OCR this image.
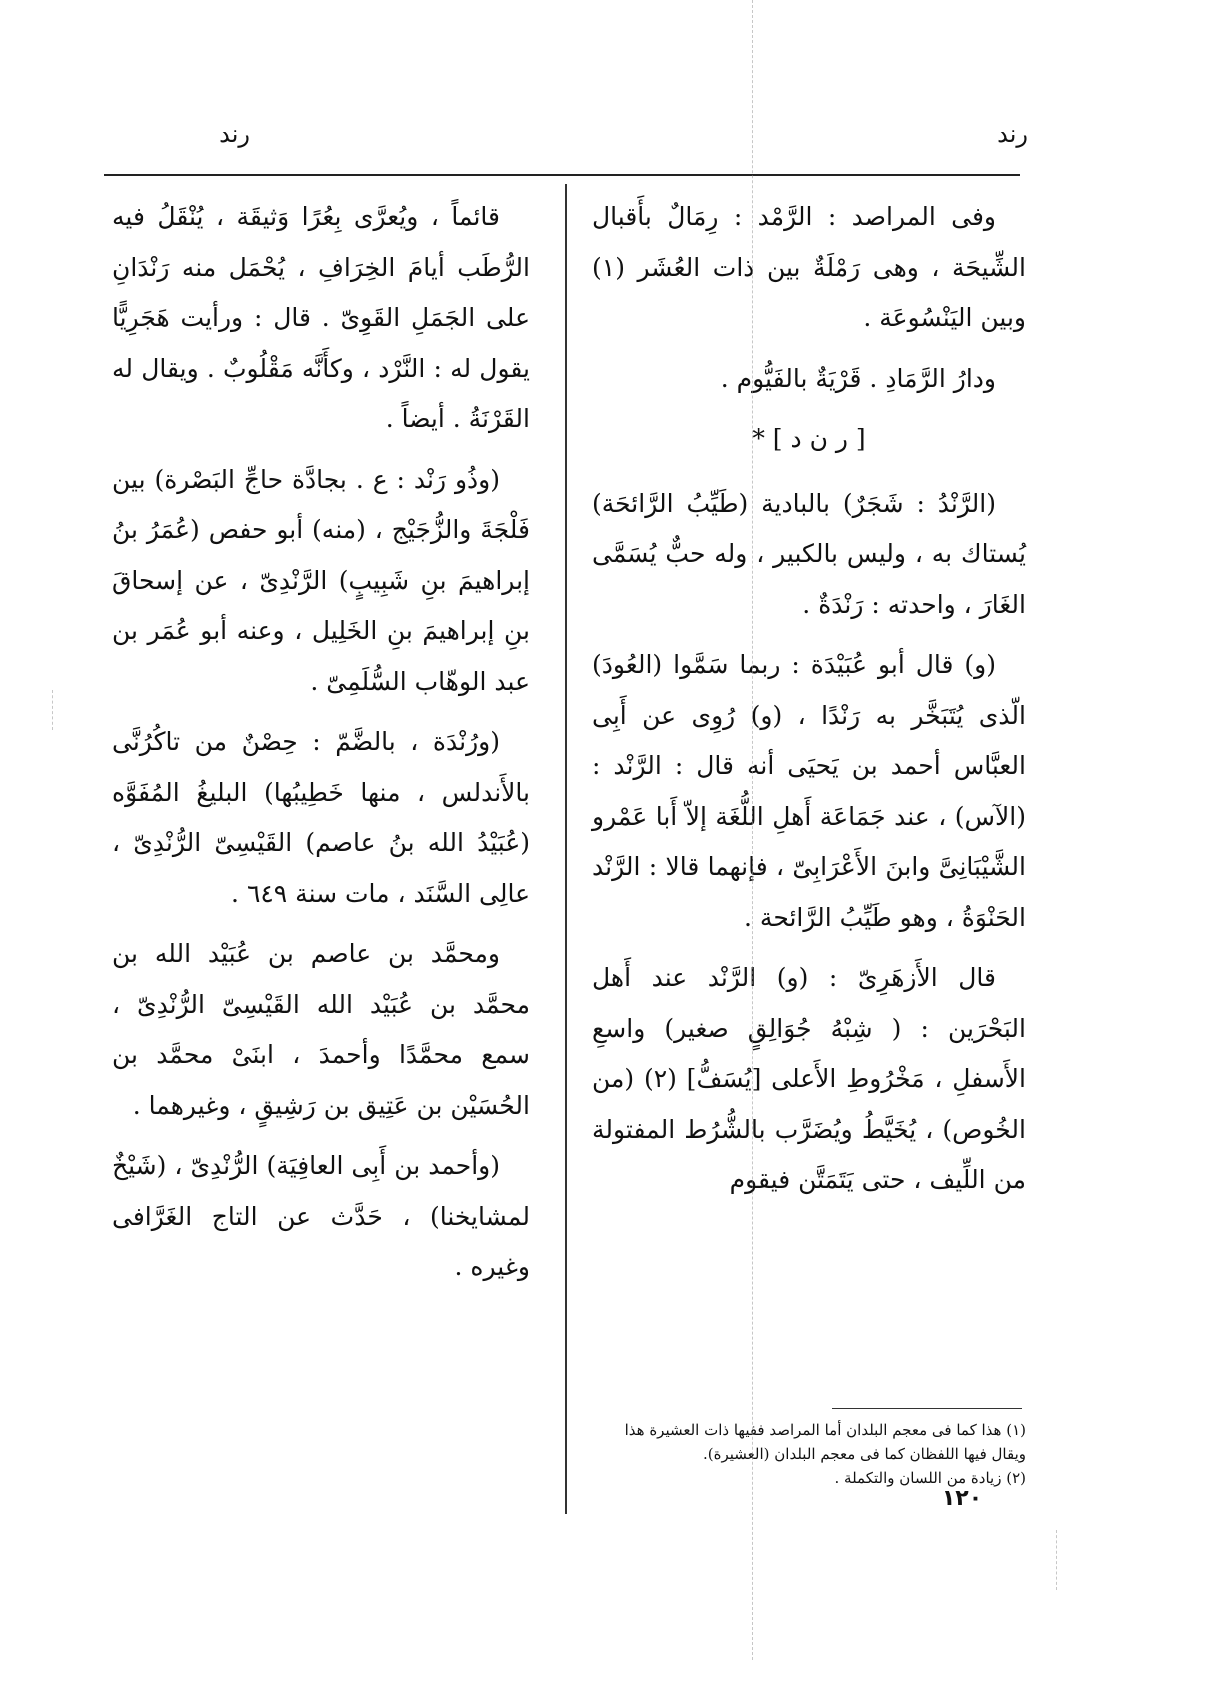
رند
رند

وفى المراصد : الرَّمْد : رِمَالٌ بأَقبال الشِّيحَة ، وهى رَمْلَةٌ بين ذات العُشَر (١) وبين اليَنْسُوعَة .

ودارُ الرَّمَادِ . قَرْيَةٌ بالفَيُّوم .

[ ر ن د ] *

(الرَّنْدُ : شَجَرٌ) بالبادية (طَيِّبُ الرَّائحَة) يُستاك به ، وليس بالكبير ، وله حبٌّ يُسَمَّى الغَارَ ، واحدته : رَنْدَةٌ .

(و) قال أبو عُبَيْدَة : ربما سَمَّوا (العُودَ) الّذى يُتَبَخَّر به رَنْدًا ، (و) رُوِى عن أَبِى العبَّاس أحمد بن يَحيَى أنه قال : الرَّنْد : (الآس) ، عند جَمَاعَة أَهلِ اللُّغَة إلاّ أَبا عَمْرو الشَّيْبَانِىَّ وابنَ الأَعْرَابِىّ ، فإنهما قالا : الرَّنْد الحَنْوَةُ ، وهو طَيِّبُ الرَّائحة .

قال الأَزهَرِىّ : (و) الرَّنْد عند أَهل البَحْرَين : ( شِبْهُ جُوَالِقٍ صغير) واسعِ الأَسفلِ ، مَخْرُوطِ الأَعلى [يُسَفُّ] (٢) (من الخُوص) ، يُخَيَّطُ ويُضَرَّب بالشُّرُط المفتولة من اللِّيف ، حتى يَتَمَتَّن فيقوم

قائماً ، ويُعرَّى بِعُرًا وَثيقَة ، يُنْقَلُ فيه الرُّطَب أيامَ الخِرَافِ ، يُحْمَل منه رَنْدَانِ على الجَمَلِ القَوِىّ . قال : ورأيت هَجَرِيًّا يقول له : النَّرْد ، وكأَنَّه مَقْلُوبٌ . ويقال له القَرْنَةُ . أيضاً .

(وذُو رَنْد : ع . بجادَّة حاجِّ البَصْرة) بين فَلْجَةَ والزُّجَيْج ، (منه) أبو حفص (عُمَرُ بنُ إبراهيمَ بنِ شَبِيبٍ) الرَّنْدِىّ ، عن إسحاقَ بنِ إبراهيمَ بنِ الخَلِيل ، وعنه أبو عُمَر بن عبد الوهّاب السُّلَمِىّ .

(ورُنْدَة ، بالضَّمّ : حِصْنٌ من تاكُرُنَّى بالأَندلس ، منها خَطِيبُها) البليغُ المُفَوَّه (عُبَيْدُ الله بنُ عاصم) القَيْسِىّ الرُّنْدِىّ ، عالِى السَّنَد ، مات سنة ٦٤٩ .

ومحمَّد بن عاصم بن عُبَيْد الله بن محمَّد بن عُبَيْد الله القَيْسِىّ الرُّنْدِىّ ، سمع محمَّدًا وأحمدَ ، ابنَىْ محمَّد بن الحُسَيْن بن عَتِيق بن رَشِيقٍ ، وغيرهما .

(وأحمد بن أَبِى العافِيَة) الرُّنْدِىّ ، (شَيْخٌ لمشايخنا) ، حَدَّث عن التاج الغَرَّافى وغيره .

(١) هذا كما فى معجم البلدان أما المراصد ففيها ذات العشيرة هذا ويقال فيها اللفظان كما فى معجم البلدان (العشيرة).

(٢) زيادة من اللسان والتكملة .

١٢٠
